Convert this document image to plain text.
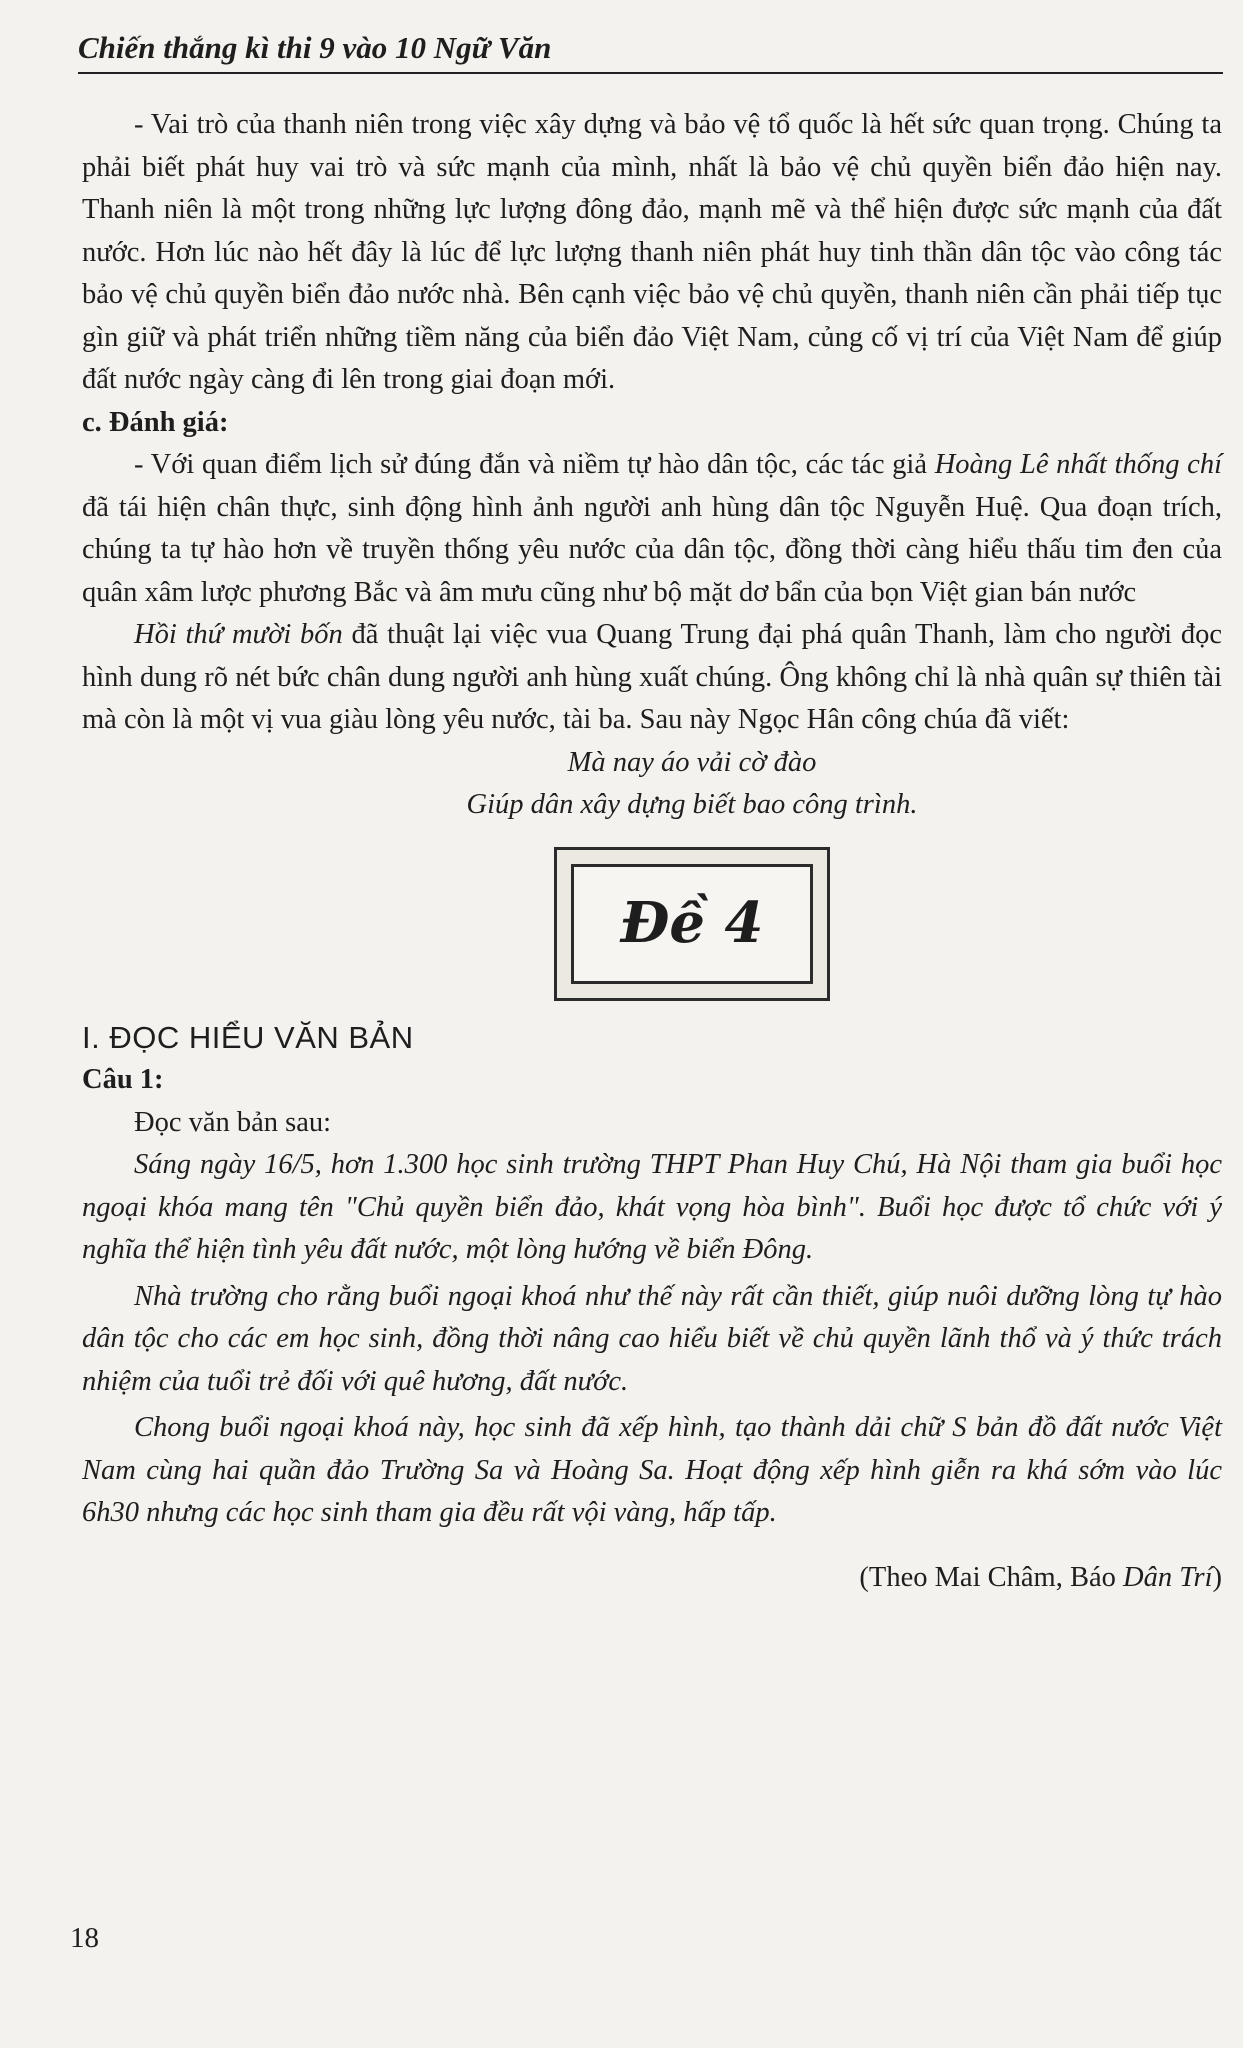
Chiến thắng kì thi 9 vào 10 Ngữ Văn

- Vai trò của thanh niên trong việc xây dựng và bảo vệ tổ quốc là hết sức quan trọng. Chúng ta phải biết phát huy vai trò và sức mạnh của mình, nhất là bảo vệ chủ quyền biển đảo hiện nay. Thanh niên là một trong những lực lượng đông đảo, mạnh mẽ và thể hiện được sức mạnh của đất nước. Hơn lúc nào hết đây là lúc để lực lượng thanh niên phát huy tinh thần dân tộc vào công tác bảo vệ chủ quyền biển đảo nước nhà. Bên cạnh việc bảo vệ chủ quyền, thanh niên cần phải tiếp tục gìn giữ và phát triển những tiềm năng của biển đảo Việt Nam, củng cố vị trí của Việt Nam để giúp đất nước ngày càng đi lên trong giai đoạn mới.

c. Đánh giá:

- Với quan điểm lịch sử đúng đắn và niềm tự hào dân tộc, các tác giả Hoàng Lê nhất thống chí đã tái hiện chân thực, sinh động hình ảnh người anh hùng dân tộc Nguyễn Huệ. Qua đoạn trích, chúng ta tự hào hơn về truyền thống yêu nước của dân tộc, đồng thời càng hiểu thấu tim đen của quân xâm lược phương Bắc và âm mưu cũng như bộ mặt dơ bẩn của bọn Việt gian bán nước

Hồi thứ mười bốn đã thuật lại việc vua Quang Trung đại phá quân Thanh, làm cho người đọc hình dung rõ nét bức chân dung người anh hùng xuất chúng. Ông không chỉ là nhà quân sự thiên tài mà còn là một vị vua giàu lòng yêu nước, tài ba. Sau này Ngọc Hân công chúa đã viết:

Mà nay áo vải cờ đào

Giúp dân xây dựng biết bao công trình.

Đề 4

I. ĐỌC HIỂU VĂN BẢN

Câu 1:

Đọc văn bản sau:

Sáng ngày 16/5, hơn 1.300 học sinh trường THPT Phan Huy Chú, Hà Nội tham gia buổi học ngoại khóa mang tên "Chủ quyền biển đảo, khát vọng hòa bình". Buổi học được tổ chức với ý nghĩa thể hiện tình yêu đất nước, một lòng hướng về biển Đông.

Nhà trường cho rằng buổi ngoại khoá như thế này rất cần thiết, giúp nuôi dưỡng lòng tự hào dân tộc cho các em học sinh, đồng thời nâng cao hiểu biết về chủ quyền lãnh thổ và ý thức trách nhiệm của tuổi trẻ đối với quê hương, đất nước.

Chong buổi ngoại khoá này, học sinh đã xếp hình, tạo thành dải chữ S bản đồ đất nước Việt Nam cùng hai quần đảo Trường Sa và Hoàng Sa. Hoạt động xếp hình giễn ra khá sớm vào lúc 6h30 nhưng các học sinh tham gia đều rất vội vàng, hấp tấp.

(Theo Mai Châm, Báo Dân Trí)

18
